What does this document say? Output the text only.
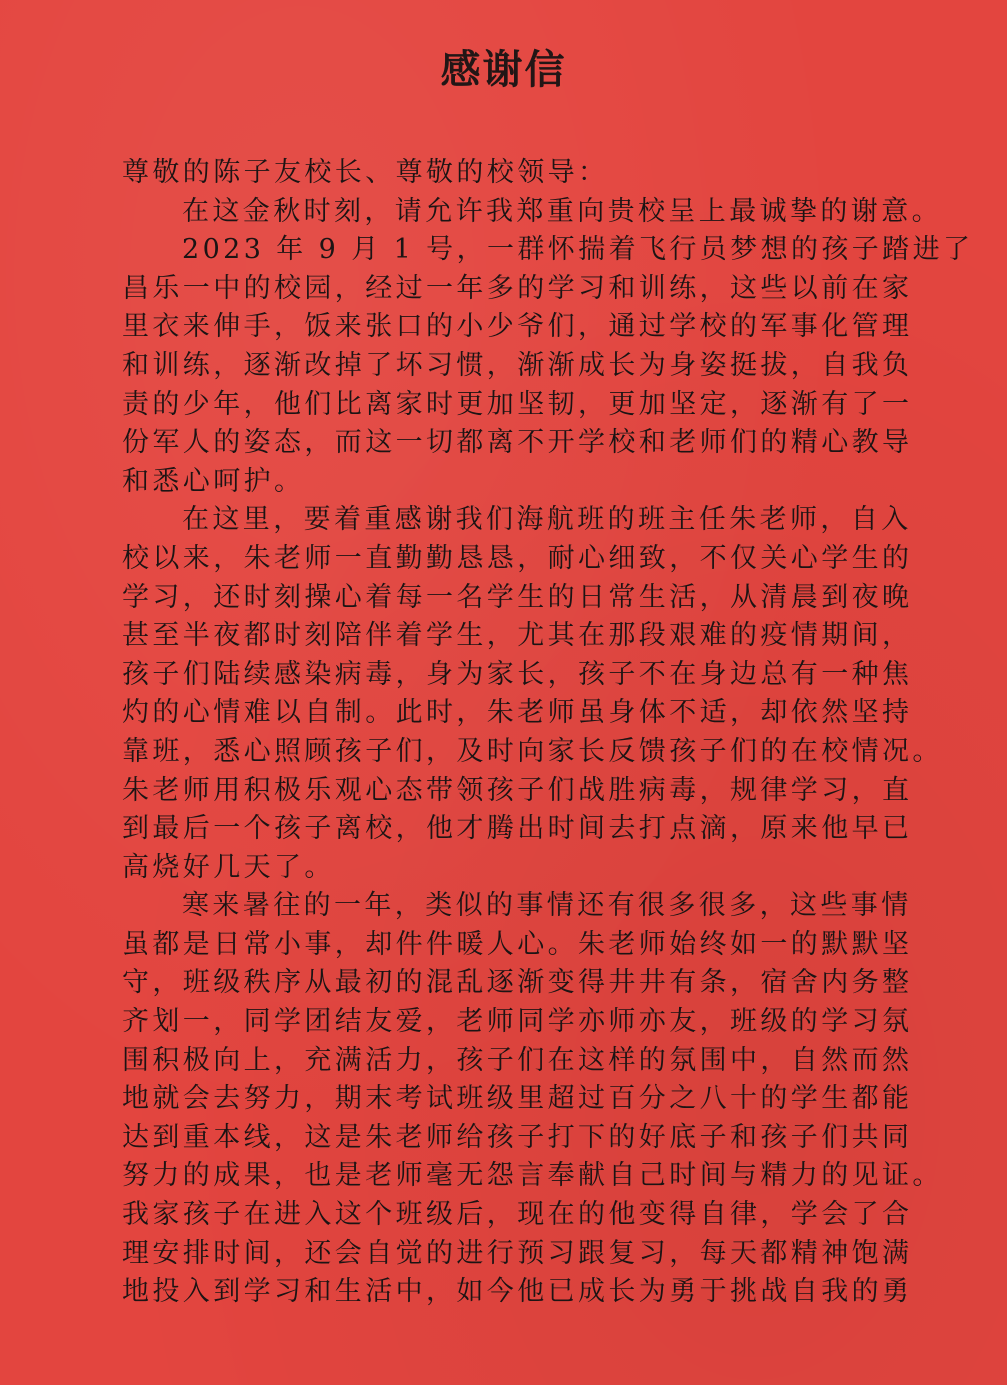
感谢信
尊敬的陈子友校长、尊敬的校领导：
在这金秋时刻，请允许我郑重向贵校呈上最诚挚的谢意。
2023 年 9 月 1 号，一群怀揣着飞行员梦想的孩子踏进了
昌乐一中的校园，经过一年多的学习和训练，这些以前在家
里衣来伸手，饭来张口的小少爷们，通过学校的军事化管理
和训练，逐渐改掉了坏习惯，渐渐成长为身姿挺拔，自我负
责的少年，他们比离家时更加坚韧，更加坚定，逐渐有了一
份军人的姿态，而这一切都离不开学校和老师们的精心教导
和悉心呵护。
在这里，要着重感谢我们海航班的班主任朱老师，自入
校以来，朱老师一直勤勤恳恳，耐心细致，不仅关心学生的
学习，还时刻操心着每一名学生的日常生活，从清晨到夜晚
甚至半夜都时刻陪伴着学生，尤其在那段艰难的疫情期间，
孩子们陆续感染病毒，身为家长，孩子不在身边总有一种焦
灼的心情难以自制。此时，朱老师虽身体不适，却依然坚持
靠班，悉心照顾孩子们，及时向家长反馈孩子们的在校情况。
朱老师用积极乐观心态带领孩子们战胜病毒，规律学习，直
到最后一个孩子离校，他才腾出时间去打点滴，原来他早已
高烧好几天了。
寒来暑往的一年，类似的事情还有很多很多，这些事情
虽都是日常小事，却件件暖人心。朱老师始终如一的默默坚
守，班级秩序从最初的混乱逐渐变得井井有条，宿舍内务整
齐划一，同学团结友爱，老师同学亦师亦友，班级的学习氛
围积极向上，充满活力，孩子们在这样的氛围中，自然而然
地就会去努力，期末考试班级里超过百分之八十的学生都能
达到重本线，这是朱老师给孩子打下的好底子和孩子们共同
努力的成果，也是老师毫无怨言奉献自己时间与精力的见证。
我家孩子在进入这个班级后，现在的他变得自律，学会了合
理安排时间，还会自觉的进行预习跟复习，每天都精神饱满
地投入到学习和生活中，如今他已成长为勇于挑战自我的勇
